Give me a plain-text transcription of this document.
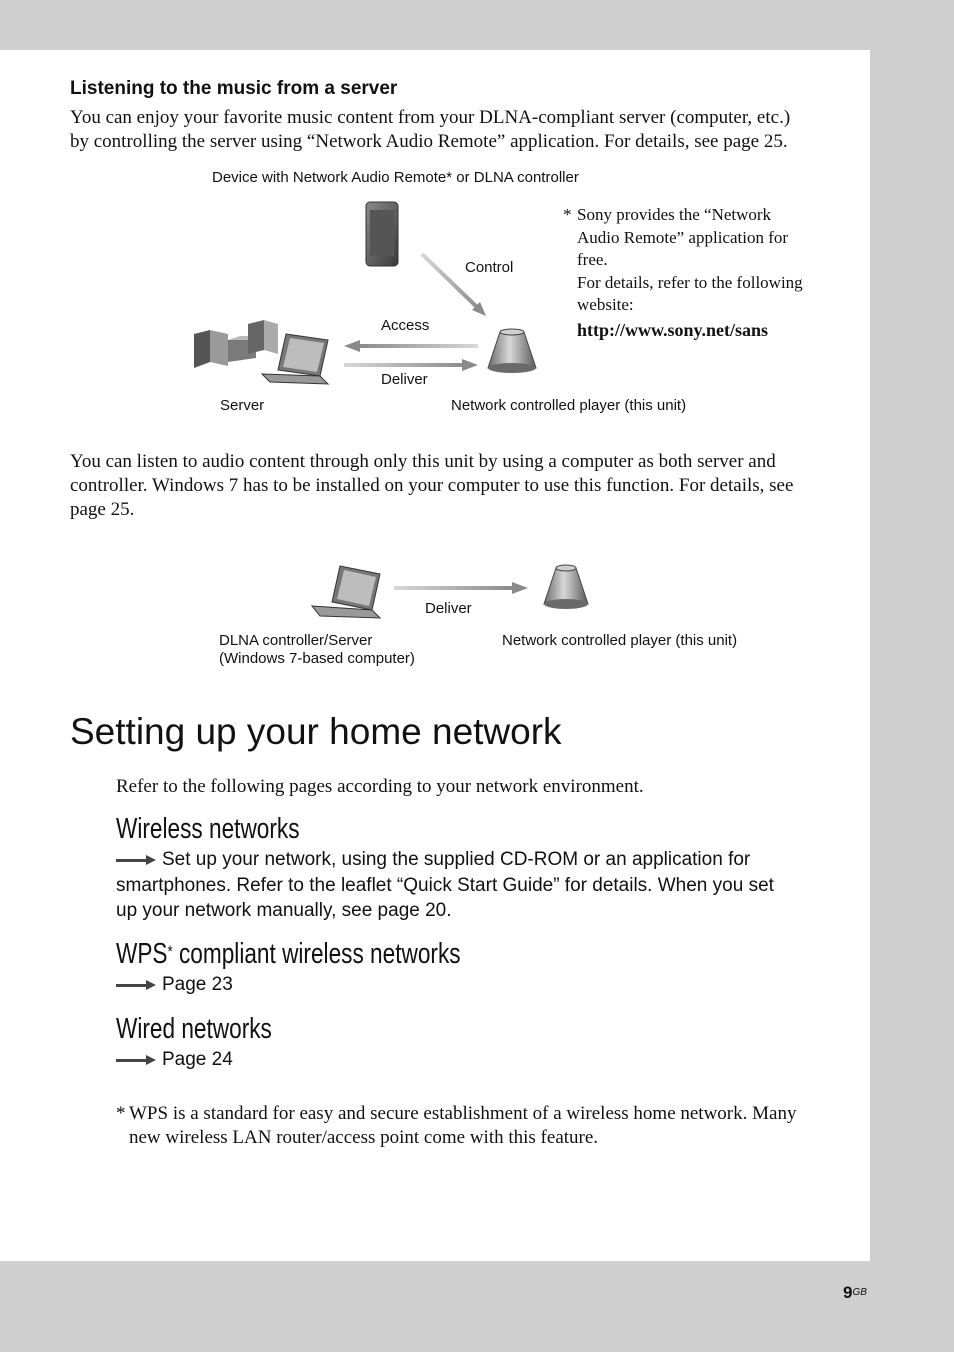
Listening to the music from a server
You can enjoy your favorite music content from your DLNA-compliant server (computer, etc.)
by controlling the server using “Network Audio Remote” application. For details, see page 25.
Device with Network Audio Remote* or DLNA controller
Control
Access
Deliver
Server	Network controlled player (this unit)
* Sony provides the “Network
Audio Remote” application for
free.
For details, refer to the following
website:
http://www.sony.net/sans
You can listen to audio content through only this unit by using a computer as both server and
controller. Windows 7 has to be installed on your computer to use this function. For details, see
page 25.
Deliver
DLNA controller/Server
(Windows 7-based computer)
Network controlled player (this unit)
Setting up your home network
Refer to the following pages according to your network environment.
Wireless networks
Set up your network, using the supplied CD-ROM or an application for
smartphones. Refer to the leaflet “Quick Start Guide” for details. When you set
up your network manually, see page 20.
WPS* compliant wireless networks
Page 23
Wired networks
Page 24
* WPS is a standard for easy and secure establishment of a wireless home network. Many
new wireless LAN router/access point come with this feature.
$9^{GB}$
